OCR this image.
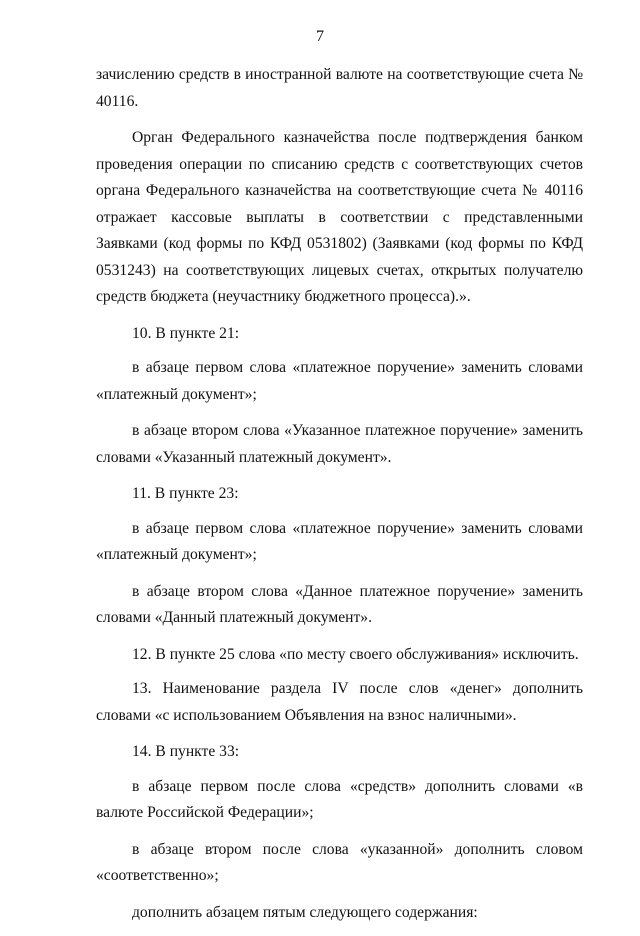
7

зачислению средств в иностранной валюте на соответствующие счета № 40116.

Орган Федерального казначейства после подтверждения банком проведения операции по списанию средств с соответствующих счетов органа Федерального казначейства на соответствующие счета № 40116 отражает кассовые выплаты в соответствии с представленными Заявками (код формы по КФД 0531802) (Заявками (код формы по КФД 0531243) на соответствующих лицевых счетах, открытых получателю средств бюджета (неучастнику бюджетного процесса).».

10. В пункте 21:

в абзаце первом слова «платежное поручение» заменить словами «платежный документ»;

в абзаце втором слова «Указанное платежное поручение» заменить словами «Указанный платежный документ».

11. В пункте 23:

в абзаце первом слова «платежное поручение» заменить словами «платежный документ»;

в абзаце втором слова «Данное платежное поручение» заменить словами «Данный платежный документ».

12. В пункте 25 слова «по месту своего обслуживания» исключить.

13. Наименование раздела IV после слов «денег» дополнить словами «с использованием Объявления на взнос наличными».

14. В пункте 33:

в абзаце первом после слова «средств» дополнить словами «в валюте Российской Федерации»;

в абзаце втором после слова «указанной» дополнить словом «соответственно»;

дополнить абзацем пятым следующего содержания:
